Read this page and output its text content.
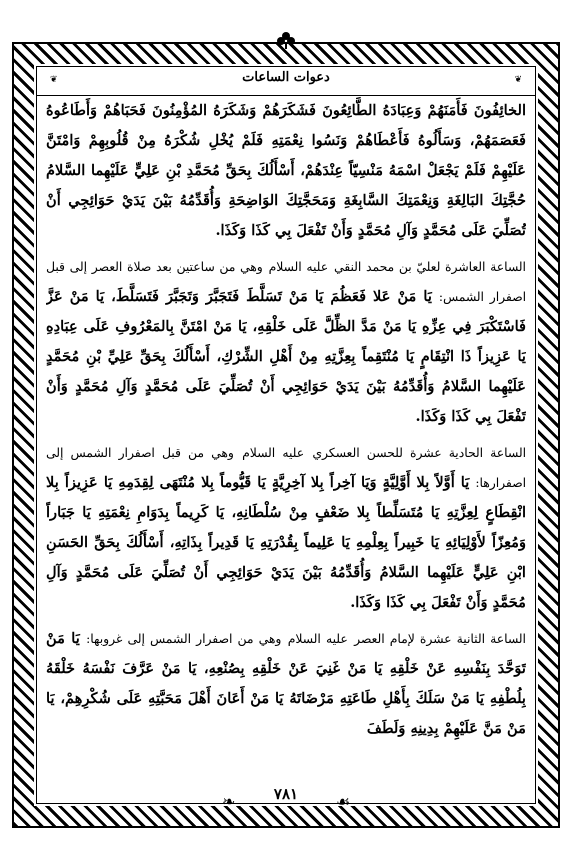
❦
دعوات الساعات
❦

الخائِفُونَ فَأَمَنَهُمْ وَعِبَادَهُ الطَّائِعُونَ فَشَكَرَهُمْ وَشَكَرَهُ المُؤْمِنُونَ فَحَبَاهُمْ وَأَطَاعُوهُ فَعَصَمَهُمْ، وَسَأَلُوهُ فَأَعْطَاهُمْ وَنَسُوا نِعْمَتِهِ فَلَمْ يُخْلِ شُكْرَهُ مِنْ قُلُوبِهِمْ وَامْتَنَّ عَلَيْهِمْ فَلَمْ يَجْعَلْ اسْمَهُ مَنْسِيّاً عِنْدَهُمْ، أَسْأَلُكَ بِحَقِّ مُحَمَّدِ بْنِ عَلِيٍّ عَلَيْهِما السَّلامُ حُجَّتِكَ البَالِغَةِ وَنِعْمَتِكَ السَّابِغَةِ وَمَحَجَّتِكَ الوَاضِحَةِ وَأُقَدِّمُهُ بَيْنَ يَدَيْ حَوَائِجِي أَنْ تُصَلِّيَ عَلَى مُحَمَّدٍ وَآلِ مُحَمَّدٍ وَأَنْ تَفْعَلَ بِي كَذَا وَكَذَا.

الساعة العاشرة لعليّ بن محمد النقي عليه السلام وهي من ساعتين بعد صلاة العصر إلى قبل اصفرار الشمس: يَا مَنْ عَلا فَعَظُمَ يَا مَنْ تَسَلَّطَ فَتَجَبَّرَ وَتَجَبَّرَ فَتَسَلَّطَ، يَا مَنْ عَزَّ فَاسْتَكْبَرَ فِي عِزِّهِ يَا مَنْ مَدَّ الظِّلَّ عَلَى خَلْقِهِ، يَا مَنْ امْتَنَّ بِالمَعْرُوفِ عَلَى عِبَادِهِ يَا عَزِيزاً ذَا انْتِقَامٍ يَا مُنْتَقِماً بِعِزَّتِهِ مِنْ أَهْلِ الشِّرْكِ، أَسْأَلُكَ بِحَقِّ عَلِيِّ بْنِ مُحَمَّدٍ عَلَيْهِما السَّلامُ وَأُقَدِّمُهُ بَيْنَ يَدَيْ حَوَائِجِي أَنْ تُصَلِّيَ عَلَى مُحَمَّدٍ وَآلِ مُحَمَّدٍ وَأَنْ تَفْعَلَ بِي كَذَا وَكَذَا.

الساعة الحادية عشرة للحسن العسكري عليه السلام وهي من قبل اصفرار الشمس إلى اصفرارها: يَا أَوَّلاً بِلا أَوَّلِيَّةٍ وَيَا آخِراً بِلا آخِرِيَّةٍ يَا قَيُّوماً بِلا مُنْتَهَى لِقِدَمِهِ يَا عَزِيزاً بِلا انْقِطَاعٍ لِعِزَّتِهِ يَا مُتَسَلِّطاً بِلا ضَعْفٍ مِنْ سُلْطَانِهِ، يَا كَرِيماً بِدَوَامِ نِعْمَتِهِ يَا جَبَاراً وَمُعِزّاً لأَوْلِيَائِهِ يَا خَبِيراً بِعِلْمِهِ يَا عَلِيماً بِقُدْرَتِهِ يَا قَدِيراً بِذَاتِهِ، أَسْأَلُكَ بِحَقِّ الحَسَنِ ابْنِ عَلِيٍّ عَلَيْهِما السَّلامُ وَأُقَدِّمُهُ بَيْنَ يَدَيْ حَوَائِجِي أَنْ تُصَلِّيَ عَلَى مُحَمَّدٍ وَآلِ مُحَمَّدٍ وَأَنْ تَفْعَلَ بِي كَذَا وَكَذَا.

الساعة الثانية عشرة لإمام العصر عليه السلام وهي من اصفرار الشمس إلى غروبها: يَا مَنْ تَوَحَّدَ بِنَفْسِهِ عَنْ خَلْقِهِ يَا مَنْ غَنِيَ عَنْ خَلْقِهِ بِصُنْعِهِ، يَا مَنْ عَرَّفَ نَفْسَهُ خَلْقَهُ بِلُطْفِهِ يَا مَنْ سَلَكَ بِأَهْلِ طَاعَتِهِ مَرْضَاتَهُ يَا مَنْ أَعَانَ أَهْلَ مَحَبَّتِهِ عَلَى شُكْرِهِمْ، يَا مَنْ مَنَّ عَلَيْهِمْ بِدِينِهِ وَلَطَفَ

❧	٧٨١	☙
